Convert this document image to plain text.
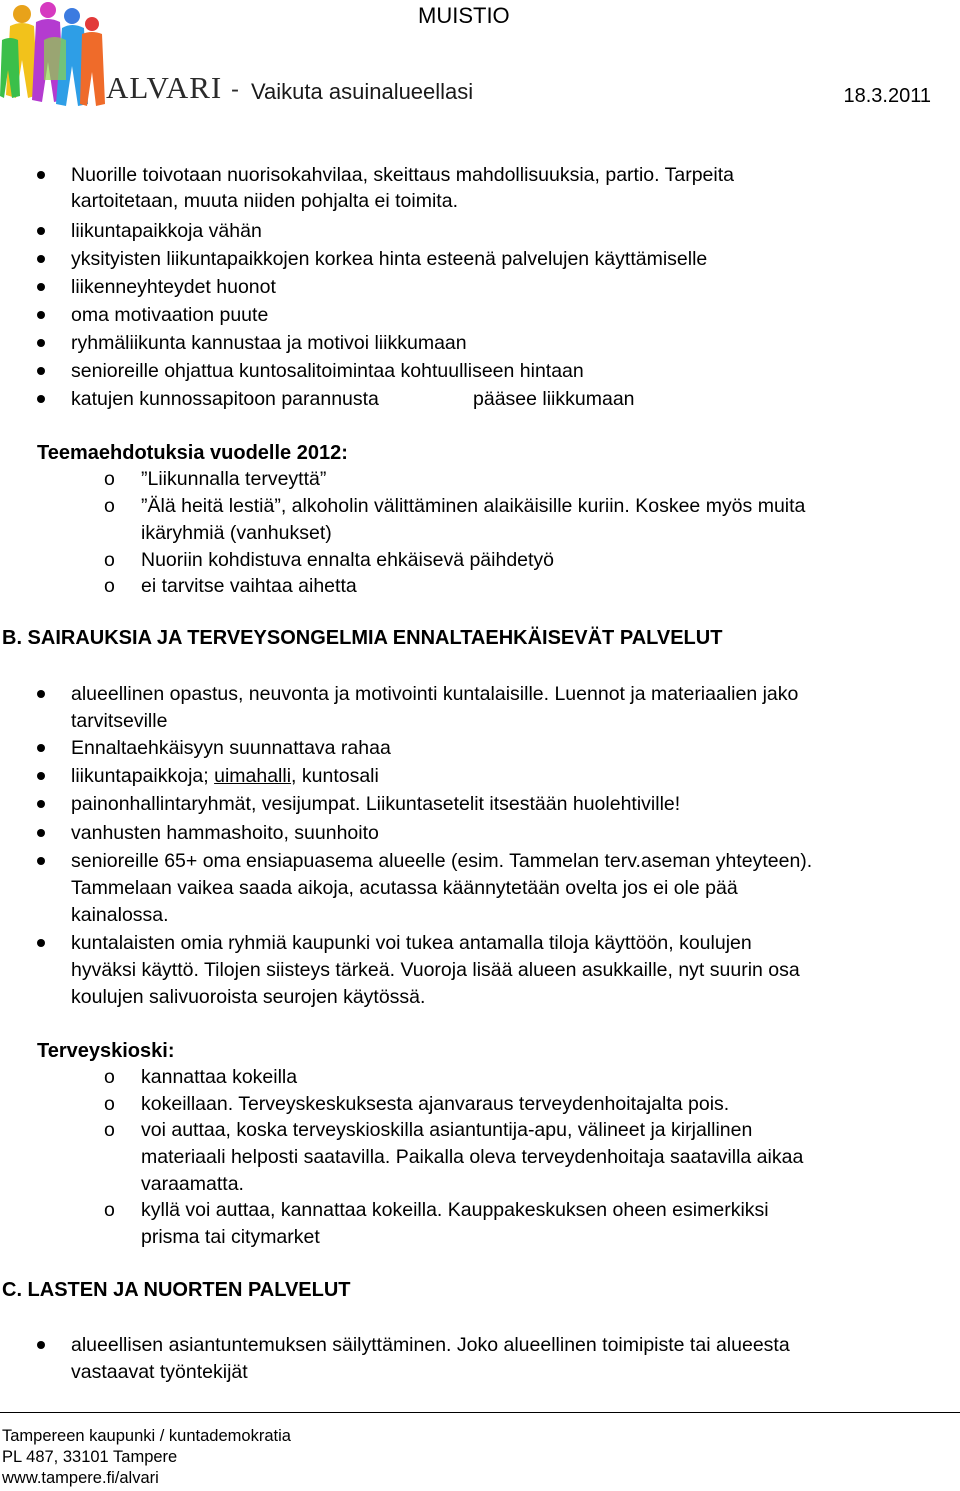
MUISTIO
ALVARI - Vaikuta asuinalueellasi	18.3.2011
Nuorille toivotaan nuorisokahvilaa, skeittaus mahdollisuuksia, partio. Tarpeita
kartoitetaan, muuta niiden pohjalta ei toimita.
liikuntapaikkoja vähän
yksityisten liikuntapaikkojen korkea hinta esteenä palvelujen käyttämiselle
liikenneyhteydet huonot
oma motivaation puute
ryhmäliikunta kannustaa ja motivoi liikkumaan
senioreille ohjattua kuntosalitoimintaa kohtuulliseen hintaan
katujen kunnossapitoon parannusta	pääsee liikkumaan
Teemaehdotuksia vuodelle 2012:
o ”Liikunnalla terveyttä”
o ”Älä heitä lestiä”, alkoholin välittäminen alaikäisille kuriin. Koskee myös muita
ikäryhmiä (vanhukset)
o Nuoriin kohdistuva ennalta ehkäisevä päihdetyö
o ei tarvitse vaihtaa aihetta
B. SAIRAUKSIA JA TERVEYSONGELMIA ENNALTAEHKÄISEVÄT PALVELUT
alueellinen opastus, neuvonta ja motivointi kuntalaisille. Luennot ja materiaalien jako
tarvitseville
Ennaltaehkäisyyn suunnattava rahaa
liikuntapaikkoja; uimahalli, kuntosali
painonhallintaryhmät, vesijumpat. Liikuntasetelit itsestään huolehtiville!
vanhusten hammashoito, suunhoito
senioreille 65+ oma ensiapuasema alueelle (esim. Tammelan terv.aseman yhteyteen).
Tammelaan vaikea saada aikoja, acutassa käännytetään ovelta jos ei ole pää
kainalossa.
kuntalaisten omia ryhmiä kaupunki voi tukea antamalla tiloja käyttöön, koulujen
hyväksi käyttö. Tilojen siisteys tärkeä. Vuoroja lisää alueen asukkaille, nyt suurin osa
koulujen salivuoroista seurojen käytössä.
Terveyskioski:
o kannattaa kokeilla
o kokeillaan. Terveyskeskuksesta ajanvaraus terveydenhoitajalta pois.
o voi auttaa, koska terveyskioskilla asiantuntija-apu, välineet ja kirjallinen
materiaali helposti saatavilla. Paikalla oleva terveydenhoitaja saatavilla aikaa
varaamatta.
o kyllä voi auttaa, kannattaa kokeilla. Kauppakeskuksen oheen esimerkiksi
prisma tai citymarket
C. LASTEN JA NUORTEN PALVELUT
alueellisen asiantuntemuksen säilyttäminen. Joko alueellinen toimipiste tai alueesta
vastaavat työntekijät
Tampereen kaupunki / kuntademokratia
PL 487, 33101 Tampere
www.tampere.fi/alvari
